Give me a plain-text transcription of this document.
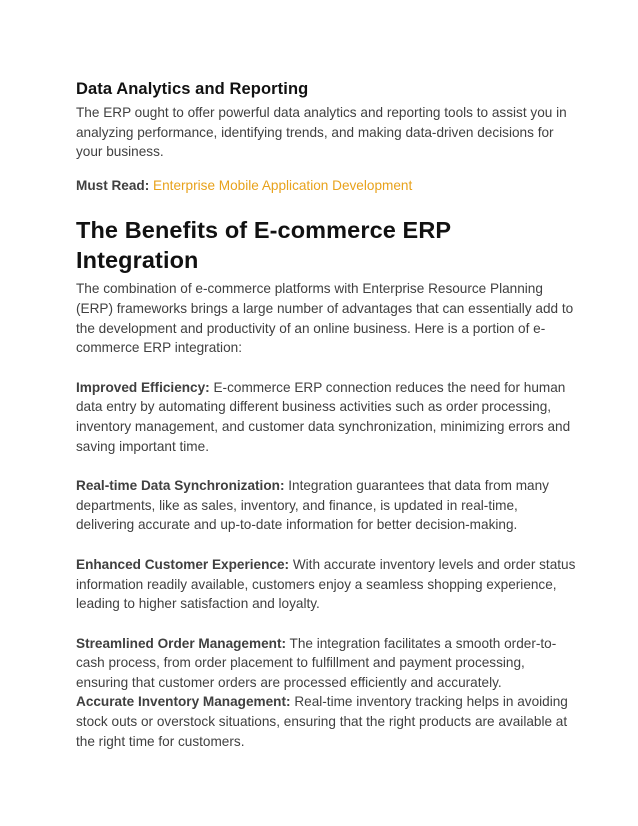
Data Analytics and Reporting

The ERP ought to offer powerful data analytics and reporting tools to assist you in analyzing performance, identifying trends, and making data-driven decisions for your business.

Must Read: Enterprise Mobile Application Development

The Benefits of E-commerce ERP Integration

The combination of e-commerce platforms with Enterprise Resource Planning (ERP) frameworks brings a large number of advantages that can essentially add to the development and productivity of an online business. Here is a portion of e-commerce ERP integration:

Improved Efficiency: E-commerce ERP connection reduces the need for human data entry by automating different business activities such as order processing, inventory management, and customer data synchronization, minimizing errors and saving important time.

Real-time Data Synchronization: Integration guarantees that data from many departments, like as sales, inventory, and finance, is updated in real-time, delivering accurate and up-to-date information for better decision-making.

Enhanced Customer Experience: With accurate inventory levels and order status information readily available, customers enjoy a seamless shopping experience, leading to higher satisfaction and loyalty.

Streamlined Order Management: The integration facilitates a smooth order-to-cash process, from order placement to fulfillment and payment processing, ensuring that customer orders are processed efficiently and accurately.

Accurate Inventory Management: Real-time inventory tracking helps in avoiding stock outs or overstock situations, ensuring that the right products are available at the right time for customers.
